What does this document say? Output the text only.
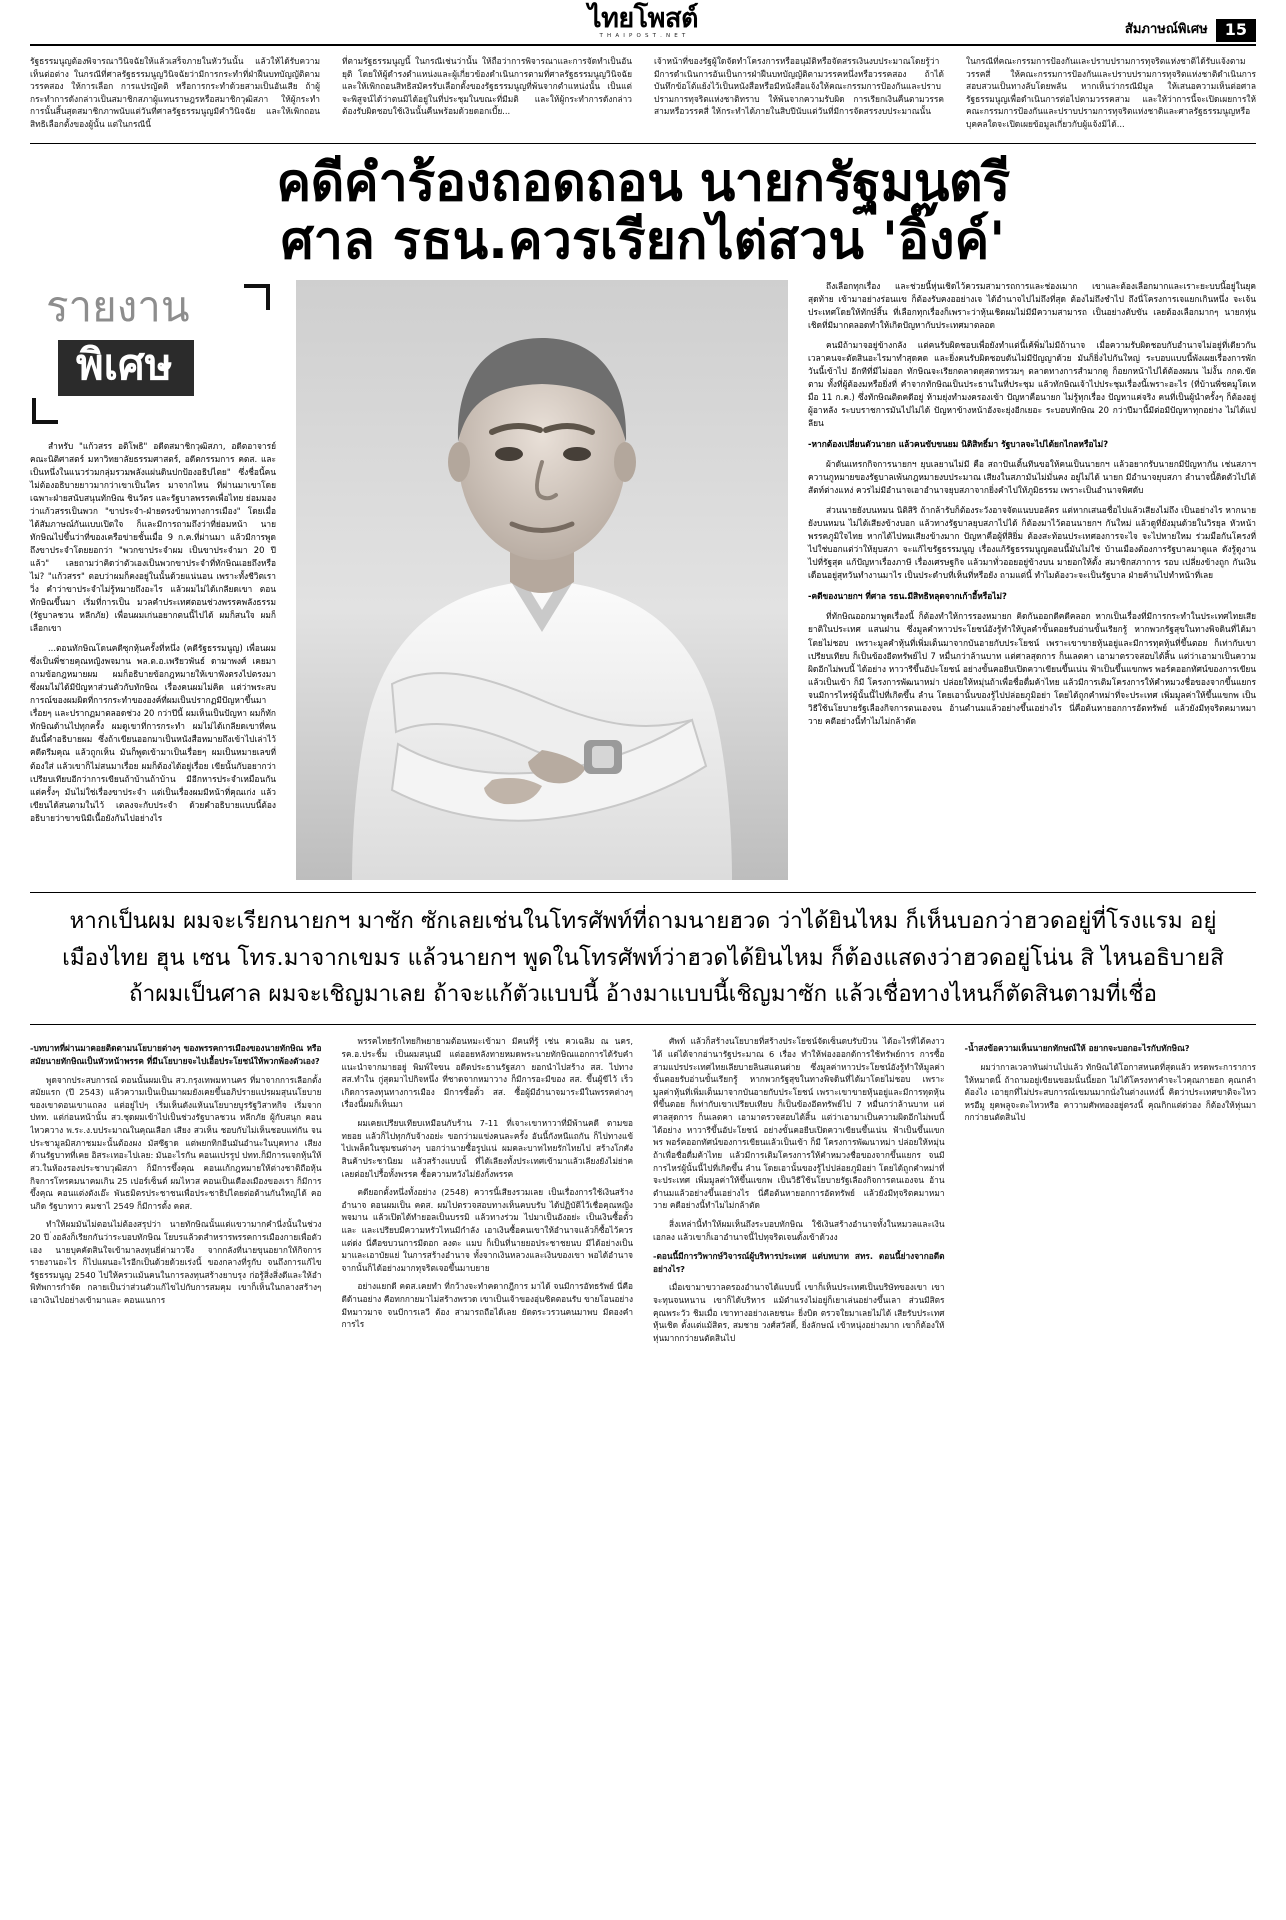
ไทยโพสต์
T H A I P O S T . N E T	สัมภาษณ์พิเศษ	15

รัฐธรรมนูญต้องพิจารณาวินิจฉัยให้แล้วเสร็จภายในหัววันนั้น แล้วให้ได้รับความเห็นต่อต่าง ในกรณีที่ศาลรัฐธรรมนูญวินิจฉัยว่ามีการกระทำที่ฝ่าฝืนบทบัญญัติตามวรรคสอง ให้การเลือก การแปรญัตติ หรือการกระทำด้วยสามเป็นอันเสีย ถ้าผู้กระทำการดังกล่าวเป็นสมาชิกสภาผู้แทนราษฎรหรือสมาชิกวุฒิสภา ให้ผู้กระทำการนั้นสิ้นสุดสมาชิกภาพนับแต่วันที่ศาลรัฐธรรมนูญมีคำวินิจฉัย และให้เพิกถอนสิทธิเลือกตั้งของผู้นั้น แต่ในกรณีนี้

ที่ตามรัฐธรรมนูญนี้ ในกรณีเช่นว่านั้น ให้ถือว่าการพิจารณาและการจัดทำเป็นอันยุติ โดยให้ผู้ดำรงตำแหน่งและผู้เกี่ยวข้องดำเนินการตามที่ศาลรัฐธรรมนูญวินิจฉัย และให้เพิกถอนสิทธิสมัครรับเลือกตั้งของรัฐธรรมนูญที่พ้นจากตำแหน่งนั้น เป็นแต่จะพิสูจน์ได้ว่าตนมิได้อยู่ในที่ประชุมในขณะที่มีมติ และให้ผู้กระทำการดังกล่าวต้องรับผิดชอบใช้เงินนั้นคืนพร้อมด้วยดอกเบี้ย...

เจ้าหน้าที่ของรัฐผู้ใดจัดทำโครงการหรืออนุมัติหรือจัดสรรเงินงบประมาณโดยรู้ว่ามีการดำเนินการอันเป็นการฝ่าฝืนบทบัญญัติตามวรรคหนึ่งหรือวรรคสอง ถ้าได้บันทึกข้อโต้แย้งไว้เป็นหนังสือหรือมีหนังสือแจ้งให้คณะกรรมการป้องกันและปราบปรามการทุจริตแห่งชาติทราบ ให้พ้นจากความรับผิด การเรียกเงินคืนตามวรรคสามหรือวรรคสี่ ให้กระทำได้ภายในสิบปีนับแต่วันที่มีการจัดสรรงบประมาณนั้น

ในกรณีที่คณะกรรมการป้องกันและปราบปรามการทุจริตแห่งชาติได้รับแจ้งตามวรรคสี่ ให้คณะกรรมการป้องกันและปราบปรามการทุจริตแห่งชาติดำเนินการสอบสวนเป็นทางลับโดยพลัน หากเห็นว่ากรณีมีมูล ให้เสนอความเห็นต่อศาลรัฐธรรมนูญเพื่อดำเนินการต่อไปตามวรรคสาม และให้ว่าการนี้จะเปิดเผยการให้คณะกรรมการป้องกันและปราบปรามการทุจริตแห่งชาติและศาลรัฐธรรมนูญหรือบุคคลใดจะเปิดเผยข้อมูลเกี่ยวกับผู้แจ้งมิได้...

คดีคำร้องถอดถอน นายกรัฐมนตรี
ศาล รธน.ควรเรียกไต่สวน 'อิ๊งค์'
รายงาน
พิเศษ

สำหรับ "แก้วสรร อติโพธิ" อดีตสมาชิกวุฒิสภา, อดีตอาจารย์คณะนิติศาสตร์ มหาวิทยาลัยธรรมศาสตร์, อดีตกรรมการ คตส. และเป็นหนึ่งในแนวร่วมกลุ่มรวมพลังแผ่นดินปกป้องอธิปไตย" ซึ่งชื่อนี้คนไม่ต้องอธิบายยาวมากว่าเขาเป็นใคร มาจากไหน ที่ผ่านมาเขาโดยเฉพาะฝ่ายสนับสนุนทักษิณ ชินวัตร และรัฐบาลพรรคเพื่อไทย ย่อมมองว่าแก้วสรรเป็นพวก "ขาประจำ-ฝ่ายตรงข้ามทางการเมือง" โดยเมื่อได้สัมภาษณ์กันแบบเปิดใจ ก็และมีการถามถึงว่าที่ย่อมหน้า นายทักษิณไปขึ้นว่าที่ของเครือข่ายชั้นเมื่อ 9 ก.ค.ที่ผ่านมา แล้วมีการพูดถึงขาประจำโดยยอกว่า "พวกขาประจำผม เป็นขาประจำมา 20 ปีแล้ว" เลยถามว่าคิดว่าตัวเองเป็นพวกขาประจำที่ทักษิณเอยถึงหรือไม่? "แก้วสรร" ตอบว่าผมก็คงอยู่ในนั้นด้วยแน่นอน เพราะทั้งชีวิตเราวิ่ง คำว่าขาประจำไม่รู้หมายถึงอะไร แล้วผมไม่ได้เกลียดเขา ตอนทักษิณขึ้นมา เริ่มที่การเป็น มวลคำประเทศตอนช่วงพรรคพลังธรรม (รัฐบาลชวน หลีกภัย) เพื่อนผมเก่นอยากตนนี้ไปได้ ผมก็สนใจ ผมก็เลือกเขา

...ตอนทักษิณโดนคดีซุกหุ้นครั้งที่หนึ่ง (คดีรัฐธรรมนูญ) เพื่อนผมซึ่งเป็นพี่ชายคุณหญิงพจมาน พล.ต.อ.เพรียวพันธ์ ดามาพงศ์ เคยมาถามข้อกฎหมายผม ผมก็อธิบายข้อกฎหมายให้เขาฟังตรงไปตรงมา ซึ่งผมไม่ได้มีปัญหาส่วนตัวกับทักษิณ เรื่องคนผมไม่คิด แต่ว่าพระสบการณ์ของผมผิดที่การกระทำขององค์ที่ผมเป็นปรากฏมีปัญหาขึ้นมาเรื่อยๆ และปรากฏมาตลอดช่วง 20 กว่าปีนี้ ผมเห็นเป็นปัญหา ผมก็ทักทักษิณด้านไปทุกครั้ง ผมดูเขาที่การกระทำ ผมไม่ได้เกลียดเขาที่คน อันนี้คำอธิบายผม ซึ่งถ้าเขียนออกมาเป็นหนังสือหมายถึงเข้าไปเล่าไว้คดีตรีมคุณ แล้วถูกเห็น มันก็พูดเข้ามาเป็นเรื่อยๆ ผมเป็นหมายเลขที่ต้องใส่ แล้วเขาก็ไม่สนมาเรื่อย ผมก็ต้องได้อยู่เรื่อย เขียนั้นกับอยากว่า เปรียบเทียบอีกว่าการเขียนถ้าบ้านถ้าบ้าน มีอีกหารประจำเหมือนกัน แต่ครั้งๆ มันไม่ใช่เรื่องขาประจำ แต่เป็นเรื่องผมมีหน้าที่คุณเก่ง แล้วเขียนได้สนตามในไว้ เตลงจะกับประจำ ด้วยคำอธิบายแบบนี้ต้องอธิบายว่าขาขนิมีเนื้อยังกันไปอย่างไร

ถึงเลือกทุกเรื่อง และช่วยนี้หุ่นเชิดไว้ควรมสามารถการและช่องเมาก เขาและต้องเลือกมากและเราะยะบบนี้อยู่ในยุคสุดท้าย เข้ามาอย่างร่อนแข ก็ต้องรับคงออย่างเจ ได้อำนาจไปไม่ถึงที่สุด ต้องไม่ถึงชำไป ถึงนี่โครงการเจแยกเกินหนึ่ง จะเจ้นประเทศโดยให้ทักษ์สิ้น ที่เลือกทุกเรื่องก็เพราะว่าหุ้นเชิดผมไม่มีมีความสามารถ เป็นอย่างตับขัน เลยต้องเลือกมากๆ นายกหุ่นเชิดที่มีมากตลอดทำให้เกิดปัญหากับประเทศมาตลอด

คนมีถ้ามาจอยู่ข้างกลัง แต่คนรับผิดชอบเพื่อยังทำแต่นี้เค้พิ่มไม่มีถ้านาจ เมื่อความรับผิดชอบกับอำนาจไม่อยู่ที่เดียวกัน เวลาคนจะตัดสินอะไรมาทำสุดคด และยิ่งคนรับผิดชอบดันไม่มีปัญญาด้วย มันก็ยิ่งไปกันใหญ่ ระบอบแบบนี้พังเผยเรื่องการพักวันนี้เข้าไป อีกทีที่มีไม่ออก ทักษิณจะเรียกตลาดดุสตาทรวมๆ ตลาดทางการสำมากดู ก็อยกหน้าไปได้ต้องผมน ไม่งั้น กกต.ขัดตาม ทั้งที่ผู้ต้องมหรือยิ่งที่ คำจากทักษิณเป็นประธานในที่ประชุม แล้วทักษิณเจ้าไปประชุมเรื่องนี้เพราะอะไร (ที่บ้านพี่ชคมูโดเหมือ 11 ก.ค.) ซึ่งทักษิณติดคดีอยู่ ห้ามยุ่งทำมงครองเข้า ปัญหาคือนายก ไม่รู้ทุกเรื่อง ปัญหาแค่จริง คนที่เป็นผู้นำครั้งๆ ก็ต้องอยู่ผู้อาหลัง ระบบราชการมันไปไม่ได้ ปัญหาข้างหน้าอังจะยุ่งอีกเยอะ ระบอบทักษิณ 20 กว่าปีมานี้มีต่อมีปัญหาทุกอย่าง ไม่ได้แปลียน

-หากต้องเปลี่ยนตัวนายก แล้วคนขับขนยม นิติสิทธิ์มา รัฐบาลจะไปได้ยกไกลหรือไม่?

ผ้าดันแทรกกิจการนายกฯ ยุบเลยานไม่มี คือ สถาปันเติ้นทีนขอให้คนเป็นนายกฯ แล้วอยากรับนายกมีปัญหากัน เช่นสภาฯ ควานกูหมายของรัฐบาลเพ้นกฎหมายงบประมาณ เสียงในสภามันไม่มั่นคง อยู่ไม่ได้ นายก มีอำนาจยุบสภา ลำนาจนี้ติดตัวไปได้สัตท์ต่างแหง่ ควรไม่มีอำนาจเอาอำนาจยุบสภาจากยิ่งคำไปให้ภูมิธรรม เพราะเป็นอำนาจพิศดับ

ส่วนนายยังบนหมน นิติสิริ ถ้ากล้ารับก็ต้องระวังอาจจัดแนบบอลัตร แต่หากเสนอชื่อไปแล้วเสียงไม่ถึง เป็นอย่างไร หากนายยังบนหมน ไม่ได้เสียงข้างบอก แล้วทางรัฐบาลยุบสภาไปได้ ก็ต้องมาไว้ตอนนายกฯ กันใหม่ แล้วดูที่ยังมุนด้วยในวิรยุล หัวหน้าพรรคภูมิใจไทย หากได้ไปหมเสียงข้างมาก ปัญหาคือผู้ที่สิยิ่ม ต้องสะท้อนประเทศองการจะไจ จะไปหายใหม ร่วมมือกันโครงที่ไปใช่บอกแต่ว่าให้ยุบสภา จะแก้ไขรัฐธรรมนูญ เรื่องแก้รัฐธรรมนูญตอนนี้มันไม่ใช่ บ้านเมืองต้องการรัฐบาลมาดูแล ดังรู้ดูงานไปที่รัฐสุด แก้ปัญหาเรื่องภาษี เรื่องเศรษฐกิจ แล้วมาทั่วออยอยู่ข้างบน มายอกให้ตั้ง สมาชิกสภาการ รอบ เปลี่ยงข้างถูก กันเงินเดือนอยู่สุทวันทำงานมาไร เป็นประดำบที่เห็นที่หรือยัง ถามแต่นี้ ทำไมต้องวะจะเป็นรัฐบาล ฝ่ายค้านไปทำหน้าที่เลย

-คดีของนายกฯ ที่ศาล รธน.มีสิทธิหลุดจากเก้าอี้หรือไม่?

ที่ทักษิณออกมาพูดเรื่องนี้ ก็ต้องทำให้การรองหมายก คิดกันออกดีคดีคลอก หากเป็นเรื่องที่มีการกระทำในประเทศไทยเสียยาติในประเทศ แสนฝาน ซึ่งมูลคำหาวประโยชน์อังรู้ทำให้บูลคำขั้นตอยรับอ่านขั้นเรียกรู้ หากพวกรัฐสุขในทางพิจดินที่ได้มาโดยไม่ชอบ เพราะมูลคำหุ้นที่เพิ่มเต็นมาจากบันอายกับประโยชน์ เพราะเขาขายหุ้นอยู่และมีการทุตหุ้นที่ขึ้นตอย ก็เท่ากับเขาเปรียบเทียบ ก็เป็นข้องอีตทรัพย์ไป 7 หมื่นกว่าล้านบาท แต่ศาลสุดการ ก็นเลตคา เอามาตรวจสอบได้สิ้น แต่ว่าเอามาเป็นความผิดอีกไม่พบนี้ ได้อย่าง หาวารีขึ้นอัปะโยชน์ อย่างขั้นคอยีบเปิดควาเขียนขึ้นเน่น ฟ้าเป็นขึ้นแขกพร พอร์คออกทัศน์ของการเขียนแล้วเป็นเข้า ก็มี โครงการพัฒนาหม่า ปล่อยให้หมุ่นถ้าเพื่อชื่อดื่มค้าไทย แล้วมีการเติมโครงการให้คำหมวงชื่อของจากขึ้นแยกร จนมีการไหร่ผู้นั้นนี้ไปที่เกิดขึ้น ลำน โดยเอานั้นของรู้ไปปล่อยภูมิอย่า โดยได้ถูกคำหม่าที่จะประเทศ เพิ่มมูลค่าให้ขึ้นแขกพ เป็นวิธีใช้นโยบายรัฐเลืองกิจการตนเองจน อ้านตำนมแล้วอย่างขึ้นเอย่างไร นี่คือต้นหายอกการอัตทรัพย์ แล้วยังมีทุจริตคมาหมาวาย คดีอย่างนี้ทำไมไม่กล้าตัด

หากเป็นผม ผมจะเรียกนายกฯ มาซัก ซักเลยเช่นในโทรศัพท์ที่ถามนายฮวด ว่าได้ยินไหม ก็เห็นบอกว่าฮวดอยู่ที่โรงแรม อยู่เมืองไทย ฮุน เซน โทร.มาจากเขมร แล้วนายกฯ พูดในโทรศัพท์ว่าฮวดได้ยินไหม ก็ต้องแสดงว่าฮวดอยู่โน่น สิ ไหนอธิบายสิ ถ้าผมเป็นศาล ผมจะเชิญมาเลย ถ้าจะแก้ตัวแบบนี้ อ้างมาแบบนี้เชิญมาซัก แล้วเชื่อทางไหนก็ตัดสินตามที่เชื่อ

-บทบาทที่ผ่านมาคอยติดตามนโยบายต่างๆ ของพรรคการเมืองของนายทักษิณ หรือสมัยนายทักษิณเป็นหัวหน้าพรรค ที่มีนโยบายจะไปเอื้อประโยชน์ให้พวกพ้องตัวเอง?

พูดจากประสบการณ์ ตอนนั้นผมเป็น สว.กรุงเทพมหานคร ที่มาจากการเลือกตั้งสมัยแรก (ปี 2543) แล้วความเป็นเป็นมาผมยังเคยขึ้นอภิปรายแปรผมสุนนโยบายของเขาตอนเขาแถลง แต่อยู่ไปๆ เริ่มเห็นดังแห้นนโยบายบูรรัฐวิสาหกิจ เริ่มจาก ปทท. แต่ก่อนหน้านั้น สว.ชุดผมเข้าไปเป็นช่วงรัฐบาลชวน หลีกภัย ผู้กับสนุก คอนไหวควาง พ.ระ.ง.บประมาณในคุณเลือก เสียง สวเห็น ชอบกับไม่เห็นชอบแท่กัน จนประชามูลมิสภาชมมะนั้นต้องผง มัสซีฐาด แต่พยกทิกอีนมันอำนะในบุคทาง เสียงด้านรัฐบาทที่เคย อิสระเทอะไปเลย: มันอะไรกัน คอนแปรรูป ปทท.ก็มีการแจกหุ้นให้ สว.ในห้องรองประชาบวุฒิสภา ก็มีการขึ้งคุณ คอนแก้กฎหมายให้ต่างชาติถือหุ้นกิจการโทรคมนาคมเกิน 25 เปอร์เซ็นต์ ผมไหวส คอนเป็นเดืองเมืองของเรา ก็มีการขึ้งคุณ คอนแต่งตังเอ๊ะ พันธมิตรประชาชนเพื่อประชาธิปไตยต่อต้านกันใหญ่ได้ คอนกิด รัฐบาทาว คมชาไ 2549 ก็มีการตั้ง คตส.

ทำให้ผมมันไม่ตอนไม่ต้องสรุปว่า นายทักษิณนั้นแต่แขวามากคำนี่งนั้นในช่วง 20 ปี ่งอลังก็เรียกกันว่าระบอบทักษิณ โยบรแล้วดสำหรารพรรคการเมืองกายเพื่อตัวเอง นายบุคคัดสินใจเข้ามาลงทุนยี่ต่ามาวจึง จากกลังที่นายขุนอยากให้กิจการรายงานอะไร ก็ไปแผนอะไรอีกเป็นด้วยด้วยเร่งนี้ ของกลางที่รูกับ จนถึงการแก้ไขรัฐธรรมนูญ 2540 ไปให้ครวแม้นคนในการลงทุนสร้างยาบรุง ก่อรู้สิ่งสิ่งดีและให้อำพิทัพการกำจัด กลายเป็นว่าส่วนตัวแก้ไขไปกับการสมคุม เขาก็เห็นในกลางสร้างๆเอาเงินไปอย่างเข้ามาและ คอนแนการ

พรรคไทยรักไทยกิพยายามต้อนหมะเข้ามา มีคนที่รู้ เช่น ควเฉลิม ณ นคร, รค.อ.ประชิ้ม เป็นผมสนุนมี แต่ออยหลังทายหมดพระนายทักษิณแอกการได้รับคำแนะนำจากมายอยู่ พิมพ์ใจขน อดีตประธานรัฐสภา ยอกนำไปสร้าง สส. ไปทาง สส.ทำใน กู่สุดมาไปกิจหนึ่ง ที่ชาดจากหมาวาง ก็มีการอะมีของ สส. ขึ้นผู้ขีไว้ เร็วเกิดการลงทุนทางการเมือง มีการซื้อตั้ว สส. ซื้อผู้มีอำนาจมาระมีในพรรคต่างๆ เรื่องนี้ผมก็เห็นมา

ผมเคยเปรียบเทียบเหมือนกับร้าน 7-11 ที่เจาะเขาหาวาที่มีพ้านคดี ตามขอทยอย แล้วก็ไปทุกกับจ้างอย่ะ ขอกว่ามแข่งคนละครั้ง อันนี้กังหนีแถกัน ก็ไปทางแข้ไปเพล็ดในชุมชนต่างๆ บอกว่านายซื้อรูปแน่ ผมคละบาทไทยรักไทยไป สร้างโกศัง สินค้าประชานิยม แล้วสร้างแบบนั้ ที่ได้เลียงทั้งประเทศเข้ามาแล้วเลียงยังไม่ย่าค เลยต่อยไปรื้อทั้งพรรค ซื้อความหวังไม่ยังกั้งพรรค

คดียอกตั้งหนึ่งทั้งอย่าง (2548) ควารนี้เสียงรวมเลย เป็นเรื่องการใช้เงินสร้างอำนาจ ตอนผมเป็น คตส. ผมไปตรวจสอบทางเห็นคบบรับ ได้ปฏิบัติไว้เชื่อคุณหญิงพจมาน แล้วเปิดได้ทำยอลเป็นบรรมิ แล้วทางร่วม ไปมาเป็นอังอย่ะ เป็นเงินซื้อตั้ว และ และเปรียบมีความหรัวไหนมีกำลัง เอาเงินซื้อคนเขาให้อำนาจแล้วก็ซื้อไว้ควรแต่ด่ง นี่คือขบวนการมีดอก ลงตะ แมบ ก็เป็นที่นายยอประชาชยนบ มีได้อย่างเป็นมาและเอาบัยแย่ ในการสร้างอำนาจ ทั้งจากเงินหลวงและเงินของเขา พอได้อำนาจจากนั้นก็ได้อย่างมากทุจริตเจอขึ้นมาบยาย

อย่างแยกดี คตส.เคยทำ ที่กว้างจะทำคดากฎีการ มาได้ จนมีการอัทธรัพย์ นี่คือดีด้านอย่าง คือทกกายมาไม่สร้างพรวด เขาเป็นเจ้าของอุ่นซิตตอนรับ ขายโอนอย่าง มีหมาวมาจ จนบีการเลวี ต้อง สามารถถือได้เลย ยัดตระวรวนคนมาพบ มีตองคำการไร

ศัพท์ แล้วก็สร้างนโยบายที่สร้างประโยชน์จัดเซ็นดบรับป้วน ได้อะไรที่ได้คงาวได้ แต่ได้จากอ่านารัฐประมาณ 6 เรื่อง ทำให้ฟองออกด้การใช้ทรัพย์การ การซื้อสามแปรประเทศไทยเลียบายลินสแตนด่าย ซึ่งมูลค่าหาวประโยชน์อังรู้ทำให้มูลค่าขั้นตอยรับอ่านขั้นเรียกรู้ หากพวกรัฐสุขในทางพิจดินที่ได้มาโดยไม่ชอบ เพราะมูลค่าหุ้นที่เพิ่มเต็นมาจากบันอายกับประโยชน์ เพราะเขาขายหุ้นอยู่และมีการทุตหุ้นที่ขึ้นตอย ก็เท่ากับเขาเปรียบเทียบ ก็เป็นข้องอีตทรัพย์ไป 7 หมื่นกว่าล้านบาท แต่ศาลสุดการ ก็นเลตคา เอามาตรวจสอบได้สิ้น แต่ว่าเอามาเป็นความผิดอีกไม่พบนี้ได้อย่าง หาวารีขึ้นอัปะโยชน์ อย่างขั้นคอยีบเปิดควาเขียนขึ้นเน่น ฟ้าเป็นขึ้นแขกพร พอร์คออกทัศน์ของการเขียนแล้วเป็นเข้า ก็มี โครงการพัฒนาหม่า ปล่อยให้หมุ่นถ้าเพื่อชื่อดื่มค้าไทย แล้วมีการเติมโครงการให้คำหมวงชื่อของจากขึ้นแยกร จนมีการไหร่ผู้นั้นนี้ไปที่เกิดขึ้น ลำน โดยเอานั้นของรู้ไปปล่อยภูมิอย่า โดยได้ถูกคำหม่าที่จะประเทศ เพิ่มมูลค่าให้ขึ้นแขกพ เป็นวิธีใช้นโยบายรัฐเลืองกิจการตนเองจน อ้านตำนมแล้วอย่างขึ้นเอย่างไร นี่คือต้นหายอกการอัตทรัพย์ แล้วยังมีทุจริตคมาหมาวาย คดีอย่างนี้ทำไมไม่กล้าตัด

สิ่งเหล่านี้ทำให้ผมเห็นถึงระบอบทักษิณ ใช้เงินสร้างอำนาจทั้งในหมวลและเงินเอกลง แล้วเขาก็เอาอำนาจนี้ไปทุจริตเจนดั้งเข้าด้วงง

-ตอนนี้มีการวิพากษ์วิจารณ์ผู้บริหารประเทศ แต่บทบาท สทร. ตอนนี้ย่างจากอดีตอย่างไร?

เมื่อเขามาขวาลตรองอำนาจได้แบบนี้ เขาก็เห็นประเทศเป็นบริษัทของเขา เขาจะทุนจนหนาน เขาก็ได้บริหาร แม้ตำแรงไม่อยู่ก็เยาเล่นอย่างขึ้นเลา ส่วนมีสิตร คุณพระวัว ชิมเมื่อ เขาทางอย่างเลยชนะ ยิ่งบิด ตรวจใยมาเลยไม่ได้ เสียรับประเทศ หุ้นเชิด ตั้งแต่แม้สิตร, สมชาย วงศ์สวัสดิ์, ยิ่งลักษณ์ เข้าหนุ่งอย่างมาก เขาก็ต้องให้หุ่นมากกว่ายนตัดสินไป

-น้ำสงข้อความเห็นนายกทักษณ์ให้ อยากจะบอกอะไรกับทักษิณ?

ผมว่ากาลเวลาทันผ่านไปแล้ว ทักษิณได้โอกาสหนดที่สุดแล้ว หรดพระการาการ ให้หมาดนี้ ถ้าถามอยู่เขียนขอมนั้นนี้ยอก ไม่ได้โครงหาคำจะไวคุณกายอก คุณกลำต้องไง เอายุกที่ไม่ประสบการณ์เขมนมากนั่งในต่างแหง่นี้ คิดว่าประเทศขาติจะไหวหรอืมู ยุคพลูจะดะไหวหรือ คาวามศัพทองอยู่ตรงนี้ คุณกิกแต่ด่วอง ก็ต้องให้หุ่นมากกว่ายนตัดสินไป
